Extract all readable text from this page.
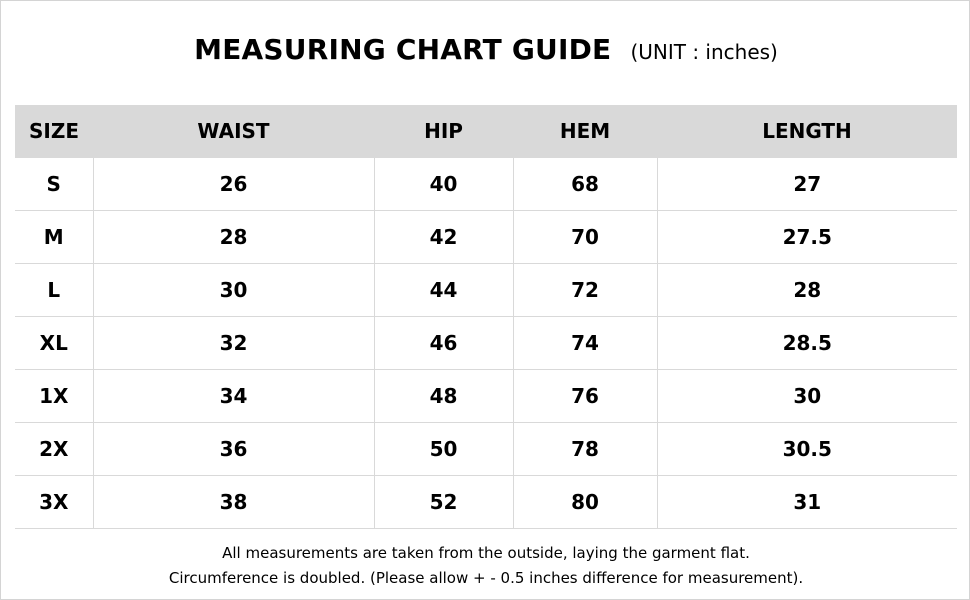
MEASURING CHART GUIDE (UNIT : inches)
SIZE	WAIST	HIP	HEM	LENGTH
S	26	40	68	27
M	28	42	70	27.5
L	30	44	72	28
XL	32	46	74	28.5
1X	34	48	76	30
2X	36	50	78	30.5
3X	38	52	80	31
All measurements are taken from the outside, laying the garment flat.
Circumference is doubled. (Please allow + - 0.5 inches difference for measurement).
